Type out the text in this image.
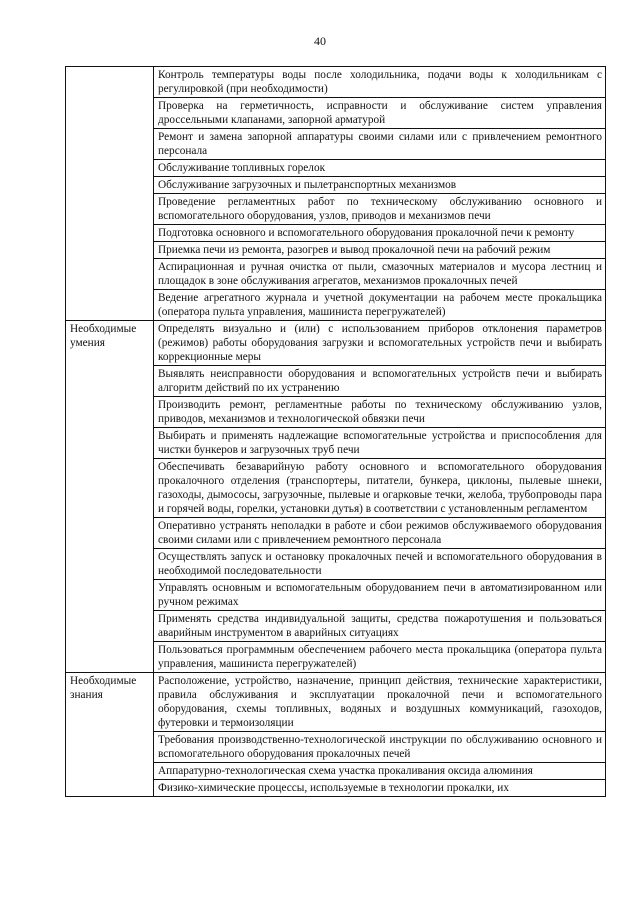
40
	Контроль температуры воды после холодильника, подачи воды к холодильникам с регулировкой (при необходимости)
	Проверка на герметичность, исправности и обслуживание систем управления дроссельными клапанами, запорной арматурой
	Ремонт и замена запорной аппаратуры своими силами или с привлечением ремонтного персонала
	Обслуживание топливных горелок
	Обслуживание загрузочных и пылетранспортных механизмов
	Проведение регламентных работ по техническому обслуживанию основного и вспомогательного оборудования, узлов, приводов и механизмов печи
	Подготовка основного и вспомогательного оборудования прокалочной печи к ремонту
	Приемка печи из ремонта, разогрев и вывод прокалочной печи на рабочий режим
	Аспирационная и ручная очистка от пыли, смазочных материалов и мусора лестниц и площадок в зоне обслуживания агрегатов, механизмов прокалочных печей
	Ведение агрегатного журнала и учетной документации на рабочем месте прокальщика (оператора пульта управления, машиниста перегружателей)
Необходимые умения	Определять визуально и (или) с использованием приборов отклонения параметров (режимов) работы оборудования загрузки и вспомогательных устройств печи и выбирать коррекционные меры
	Выявлять неисправности оборудования и вспомогательных устройств печи и выбирать алгоритм действий по их устранению
	Производить ремонт, регламентные работы по техническому обслуживанию узлов, приводов, механизмов и технологической обвязки печи
	Выбирать и применять надлежащие вспомогательные устройства и приспособления для чистки бункеров и загрузочных труб печи
	Обеспечивать безаварийную работу основного и вспомогательного оборудования прокалочного отделения (транспортеры, питатели, бункера, циклоны, пылевые шнеки, газоходы, дымососы, загрузочные, пылевые и огарковые течки, желоба, трубопроводы пара и горячей воды, горелки, установки дутья) в соответствии с установленным регламентом
	Оперативно устранять неполадки в работе и сбои режимов обслуживаемого оборудования своими силами или с привлечением ремонтного персонала
	Осуществлять запуск и остановку прокалочных печей и вспомогательного оборудования в необходимой последовательности
	Управлять основным и вспомогательным оборудованием печи в автоматизированном или ручном режимах
	Применять средства индивидуальной защиты, средства пожаротушения и пользоваться аварийным инструментом в аварийных ситуациях
	Пользоваться программным обеспечением рабочего места прокальщика (оператора пульта управления, машиниста перегружателей)
Необходимые знания	Расположение, устройство, назначение, принцип действия, технические характеристики, правила обслуживания и эксплуатации прокалочной печи и вспомогательного оборудования, схемы топливных, водяных и воздушных коммуникаций, газоходов, футеровки и термоизоляции
	Требования производственно-технологической инструкции по обслуживанию основного и вспомогательного оборудования прокалочных печей
	Аппаратурно-технологическая схема участка прокаливания оксида алюминия
	Физико-химические процессы, используемые в технологии прокалки, их
